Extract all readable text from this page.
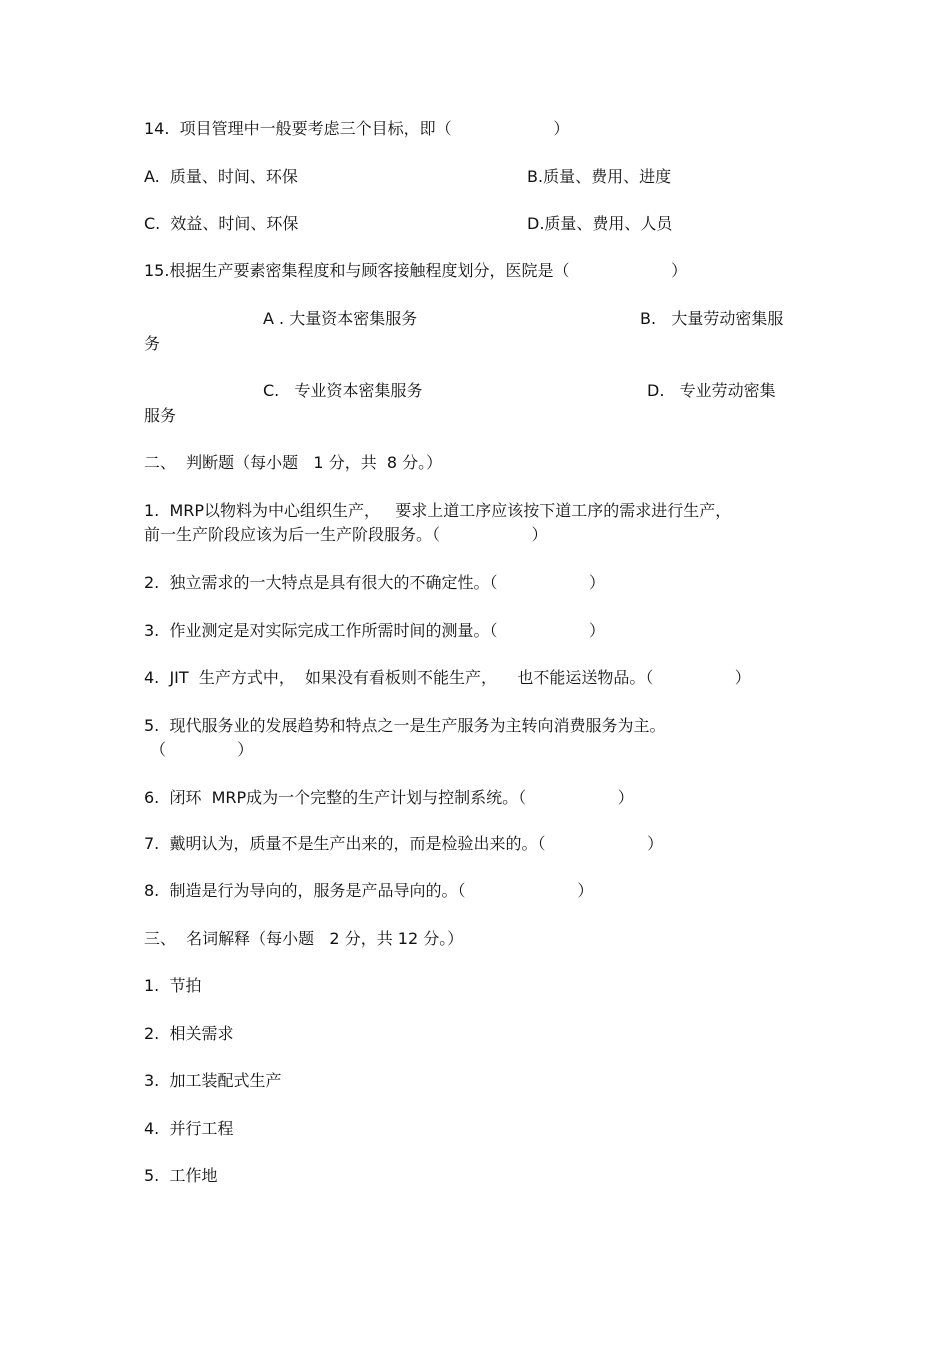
14.  项目管理中一般要考虑三个目标，即（                    ）
A.  质量、时间、环保	B.质量、费用、进度
C.  效益、时间、环保	D.质量、费用、人员
15.根据生产要素密集程度和与顾客接触程度划分，医院是（                    ）
A . 大量资本密集服务	B.   大量劳动密集服
务
C.   专业资本密集服务	D.   专业劳动密集
服务
二、  判断题（每小题   1 分，共  8 分。）
1.  MRP以物料为中心组织生产，   要求上道工序应该按下道工序的需求进行生产，
前一生产阶段应该为后一生产阶段服务。（                  ）
2.  独立需求的一大特点是具有很大的不确定性。（                  ）
3.  作业测定是对实际完成工作所需时间的测量。（                  ）
4.  JIT  生产方式中，  如果没有看板则不能生产，    也不能运送物品。（                ）
5.  现代服务业的发展趋势和特点之一是生产服务为主转向消费服务为主。
（              ）
6.  闭环  MRP成为一个完整的生产计划与控制系统。（                  ）
7.  戴明认为，质量不是生产出来的，而是检验出来的。（                    ）
8.  制造是行为导向的，服务是产品导向的。（                      ）
三、  名词解释（每小题   2 分，共 12 分。）
1.  节拍
2.  相关需求
3.  加工装配式生产
4.  并行工程
5.  工作地
